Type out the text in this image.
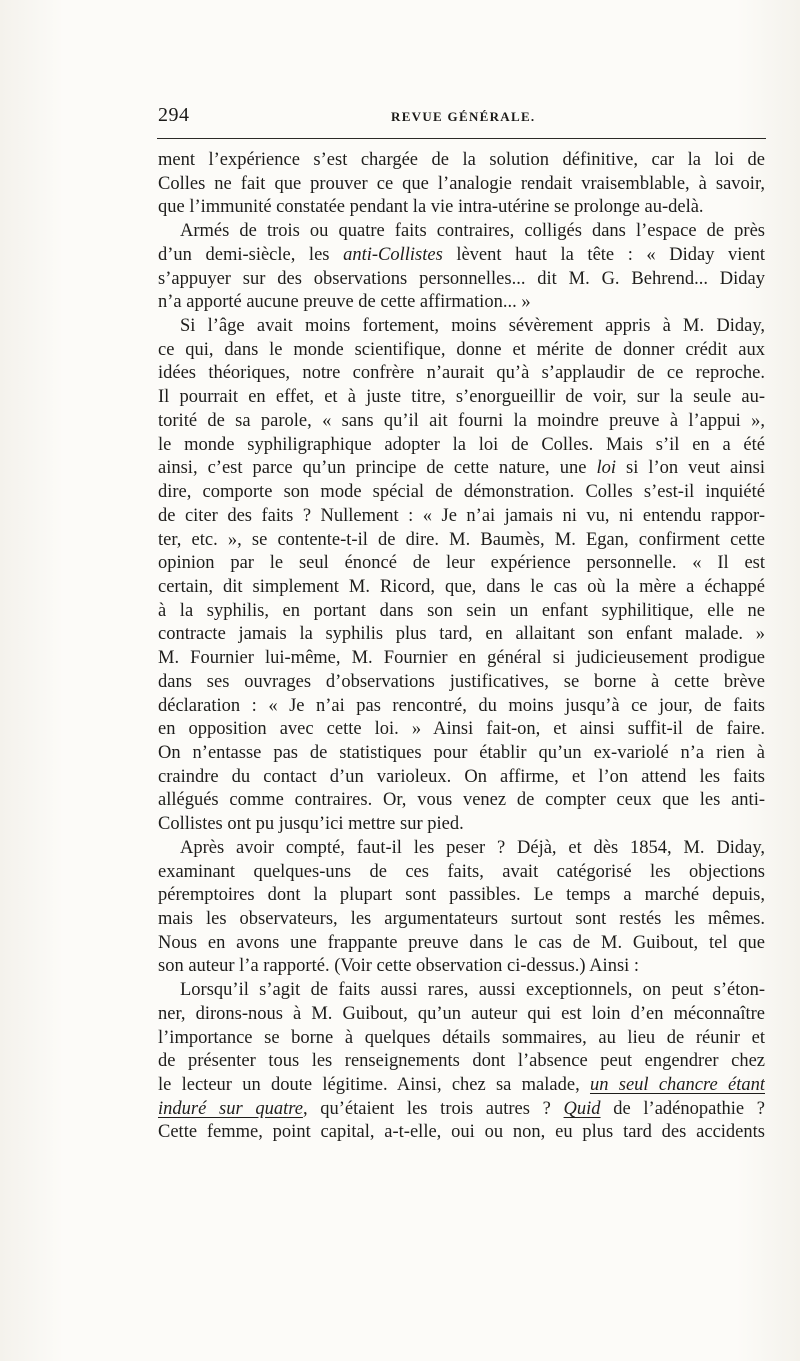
294	REVUE GÉNÉRALE.
ment l’expérience s’est chargée de la solution définitive, car la loi de
Colles ne fait que prouver ce que l’analogie rendait vraisemblable, à savoir,
que l’immunité constatée pendant la vie intra-utérine se prolonge au-delà.
Armés de trois ou quatre faits contraires, colligés dans l’espace de près
d’un demi-siècle, les anti-Collistes lèvent haut la tête : « Diday vient
s’appuyer sur des observations personnelles... dit M. G. Behrend... Diday
n’a apporté aucune preuve de cette affirmation... »
Si l’âge avait moins fortement, moins sévèrement appris à M. Diday,
ce qui, dans le monde scientifique, donne et mérite de donner crédit aux
idées théoriques, notre confrère n’aurait qu’à s’applaudir de ce reproche.
Il pourrait en effet, et à juste titre, s’enorgueillir de voir, sur la seule au-
torité de sa parole, « sans qu’il ait fourni la moindre preuve à l’appui »,
le monde syphiligraphique adopter la loi de Colles. Mais s’il en a été
ainsi, c’est parce qu’un principe de cette nature, une loi si l’on veut ainsi
dire, comporte son mode spécial de démonstration. Colles s’est-il inquiété
de citer des faits ? Nullement : « Je n’ai jamais ni vu, ni entendu rappor-
ter, etc. », se contente-t-il de dire. M. Baumès, M. Egan, confirment cette
opinion par le seul énoncé de leur expérience personnelle. « Il est
certain, dit simplement M. Ricord, que, dans le cas où la mère a échappé
à la syphilis, en portant dans son sein un enfant syphilitique, elle ne
contracte jamais la syphilis plus tard, en allaitant son enfant malade. »
M. Fournier lui-même, M. Fournier en général si judicieusement prodigue
dans ses ouvrages d’observations justificatives, se borne à cette brève
déclaration : « Je n’ai pas rencontré, du moins jusqu’à ce jour, de faits
en opposition avec cette loi. » Ainsi fait-on, et ainsi suffit-il de faire.
On n’entasse pas de statistiques pour établir qu’un ex-variolé n’a rien à
craindre du contact d’un varioleux. On affirme, et l’on attend les faits
allégués comme contraires. Or, vous venez de compter ceux que les anti-
Collistes ont pu jusqu’ici mettre sur pied.
Après avoir compté, faut-il les peser ? Déjà, et dès 1854, M. Diday,
examinant quelques-uns de ces faits, avait catégorisé les objections
péremptoires dont la plupart sont passibles. Le temps a marché depuis,
mais les observateurs, les argumentateurs surtout sont restés les mêmes.
Nous en avons une frappante preuve dans le cas de M. Guibout, tel que
son auteur l’a rapporté. (Voir cette observation ci-dessus.) Ainsi :
Lorsqu’il s’agit de faits aussi rares, aussi exceptionnels, on peut s’éton-
ner, dirons-nous à M. Guibout, qu’un auteur qui est loin d’en méconnaître
l’importance se borne à quelques détails sommaires, au lieu de réunir et
de présenter tous les renseignements dont l’absence peut engendrer chez
le lecteur un doute légitime. Ainsi, chez sa malade, un seul chancre étant
induré sur quatre, qu’étaient les trois autres ? Quid de l’adénopathie ?
Cette femme, point capital, a-t-elle, oui ou non, eu plus tard des accidents
